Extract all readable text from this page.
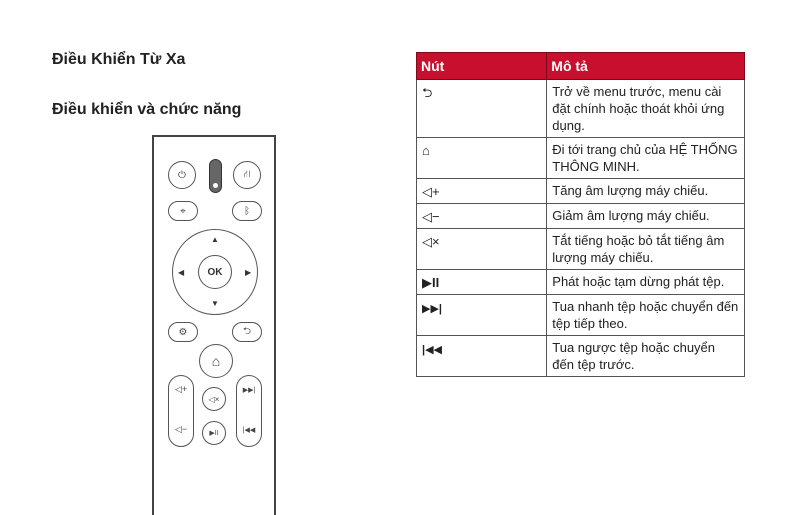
Điều Khiển Từ Xa
Điều khiển và chức năng
⏻	⛙
⌖	ᛒ
▲
▼
◀	▶
OK
⚙	⮌
⌂
◁+
◁−
◁×
▶II
▶▶|
|◀◀
Nút	Mô tả
⮌	Trở về menu trước, menu cài đặt chính hoặc thoát khỏi ứng dụng.
⌂	Đi tới trang chủ của HỆ THỐNG THÔNG MINH.
◁+	Tăng âm lượng máy chiếu.
◁−	Giảm âm lượng máy chiếu.
◁×	Tắt tiếng hoặc bỏ tắt tiếng âm lượng máy chiếu.
▶II	Phát hoặc tạm dừng phát tệp.
▶▶|	Tua nhanh tệp hoặc chuyển đến tệp tiếp theo.
|◀◀	Tua ngược tệp hoặc chuyển đến tệp trước.
